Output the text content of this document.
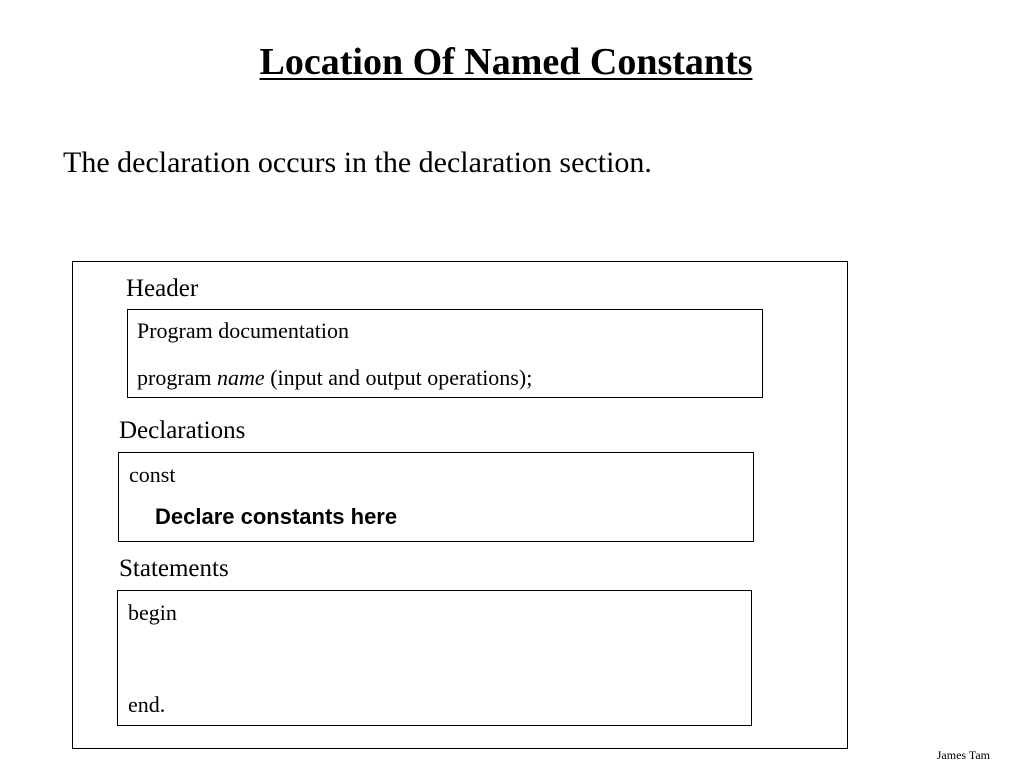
Location Of Named Constants
The declaration occurs in the declaration section.
Header
Program documentation
program name (input and output operations);
Declarations
const
Declare constants here
Statements
begin
end.
James Tam
